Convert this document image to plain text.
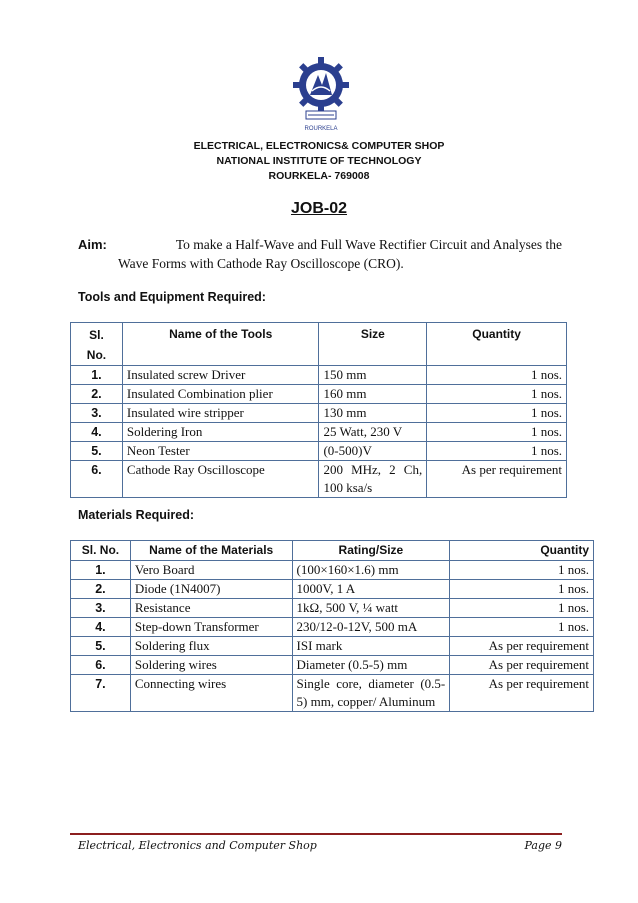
ROURKELA
ELECTRICAL, ELECTRONICS& COMPUTER SHOP
NATIONAL INSTITUTE OF TECHNOLOGY
ROURKELA- 769008
JOB-02
Aim:	To make a Half-Wave and Full Wave Rectifier Circuit and Analyses the
Wave Forms with Cathode Ray Oscilloscope (CRO).
Tools and Equipment Required:
Sl.
No.	Name of the Tools	Size	Quantity
1.	Insulated screw Driver	150 mm	1 nos.
2.	Insulated Combination plier	160 mm	1 nos.
3.	Insulated wire stripper	130 mm	1 nos.
4.	Soldering Iron	25 Watt, 230 V	1 nos.
5.	Neon Tester	(0-500)V	1 nos.
6.	Cathode Ray Oscilloscope	200 MHz, 2 Ch, 100 ksa/s	As per requirement
Materials Required:
Sl. No.	Name of the Materials	Rating/Size	Quantity
1.	Vero Board	(100×160×1.6) mm	1 nos.
2.	Diode (1N4007)	1000V, 1 A	1 nos.
3.	Resistance	1kΩ, 500 V, ¼ watt	1 nos.
4.	Step-down Transformer	230/12-0-12V, 500 mA	1 nos.
5.	Soldering flux	ISI mark	As per requirement
6.	Soldering wires	Diameter (0.5-5) mm	As per requirement
7.	Connecting wires	Single core, diameter (0.5-5) mm, copper/ Aluminum	As per requirement
Electrical, Electronics and Computer Shop	Page 9
